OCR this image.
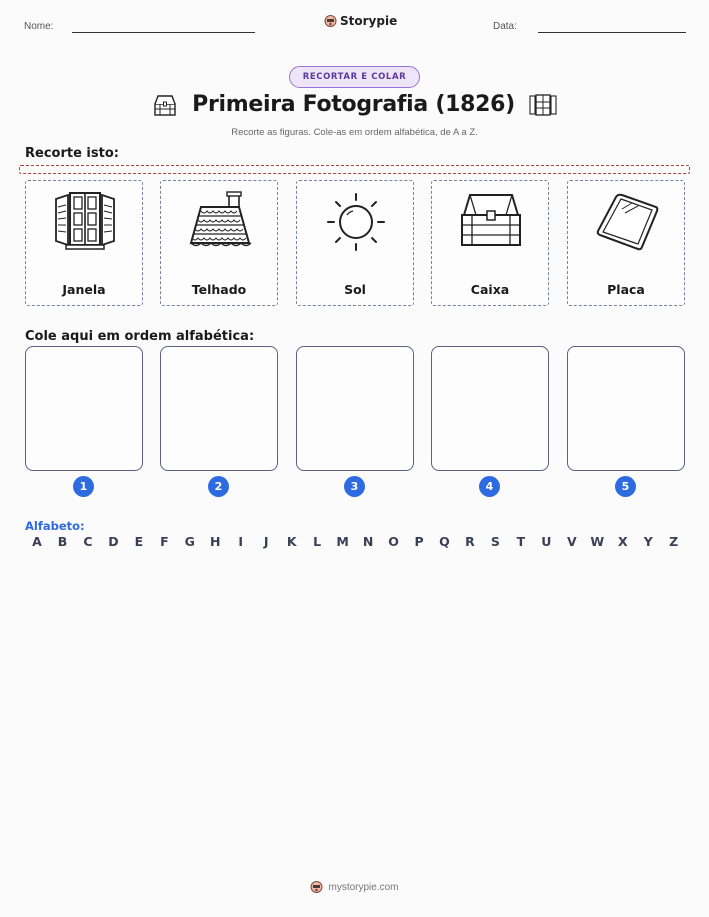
Nome:	Storypie	Data:
RECORTAR E COLAR
Primeira Fotografia (1826)
Recorte as figuras. Cole-as em ordem alfabética, de A a Z.
Recorte isto:
Janela	Telhado	Sol	Caixa	Placa
Cole aqui em ordem alfabética:
1	2	3	4	5
Alfabeto:
A	B	C	D	E	F	G	H	I	J	K	L	M	N	O	P	Q	R	S	T	U	V	W	X	Y	Z
mystorypie.com
